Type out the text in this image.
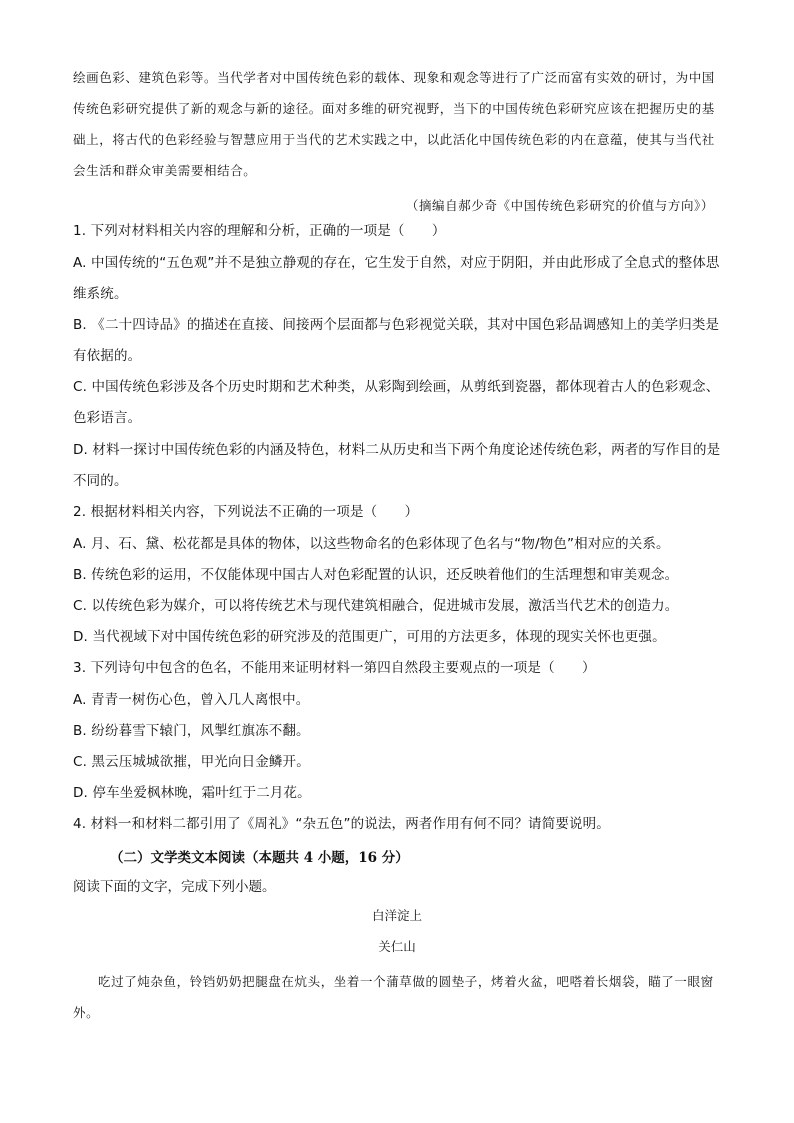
绘画色彩、建筑色彩等。当代学者对中国传统色彩的载体、现象和观念等进行了广泛而富有实效的研讨，为中国传统色彩研究提供了新的观念与新的途径。面对多维的研究视野，当下的中国传统色彩研究应该在把握历史的基础上，将古代的色彩经验与智慧应用于当代的艺术实践之中，以此活化中国传统色彩的内在意蕴，使其与当代社会生活和群众审美需要相结合。

（摘编自郝少奇《中国传统色彩研究的价值与方向》）

1. 下列对材料相关内容的理解和分析，正确的一项是（　　）

A. 中国传统的“五色观”并不是独立静观的存在，它生发于自然，对应于阴阳，并由此形成了全息式的整体思维系统。

B. 《二十四诗品》的描述在直接、间接两个层面都与色彩视觉关联，其对中国色彩品调感知上的美学归类是有依据的。

C. 中国传统色彩涉及各个历史时期和艺术种类，从彩陶到绘画，从剪纸到瓷器，都体现着古人的色彩观念、色彩语言。

D. 材料一探讨中国传统色彩的内涵及特色，材料二从历史和当下两个角度论述传统色彩，两者的写作目的是不同的。

2. 根据材料相关内容，下列说法不正确的一项是（　　）

A. 月、石、黛、松花都是具体的物体，以这些物命名的色彩体现了色名与“物/物色”相对应的关系。

B. 传统色彩的运用，不仅能体现中国古人对色彩配置的认识，还反映着他们的生活理想和审美观念。

C. 以传统色彩为媒介，可以将传统艺术与现代建筑相融合，促进城市发展，激活当代艺术的创造力。

D. 当代视域下对中国传统色彩的研究涉及的范围更广，可用的方法更多，体现的现实关怀也更强。

3. 下列诗句中包含的色名，不能用来证明材料一第四自然段主要观点的一项是（　　）

A. 青青一树伤心色，曾入几人离恨中。

B. 纷纷暮雪下辕门，风掣红旗冻不翻。

C. 黑云压城城欲摧，甲光向日金鳞开。

D. 停车坐爱枫林晚，霜叶红于二月花。

4. 材料一和材料二都引用了《周礼》“杂五色”的说法，两者作用有何不同？请简要说明。

（二）文学类文本阅读（本题共 4 小题，16 分）

阅读下面的文字，完成下列小题。

白洋淀上

关仁山

吃过了炖杂鱼，铃铛奶奶把腿盘在炕头，坐着一个蒲草做的圆垫子，烤着火盆，吧嗒着长烟袋，瞄了一眼窗外。
